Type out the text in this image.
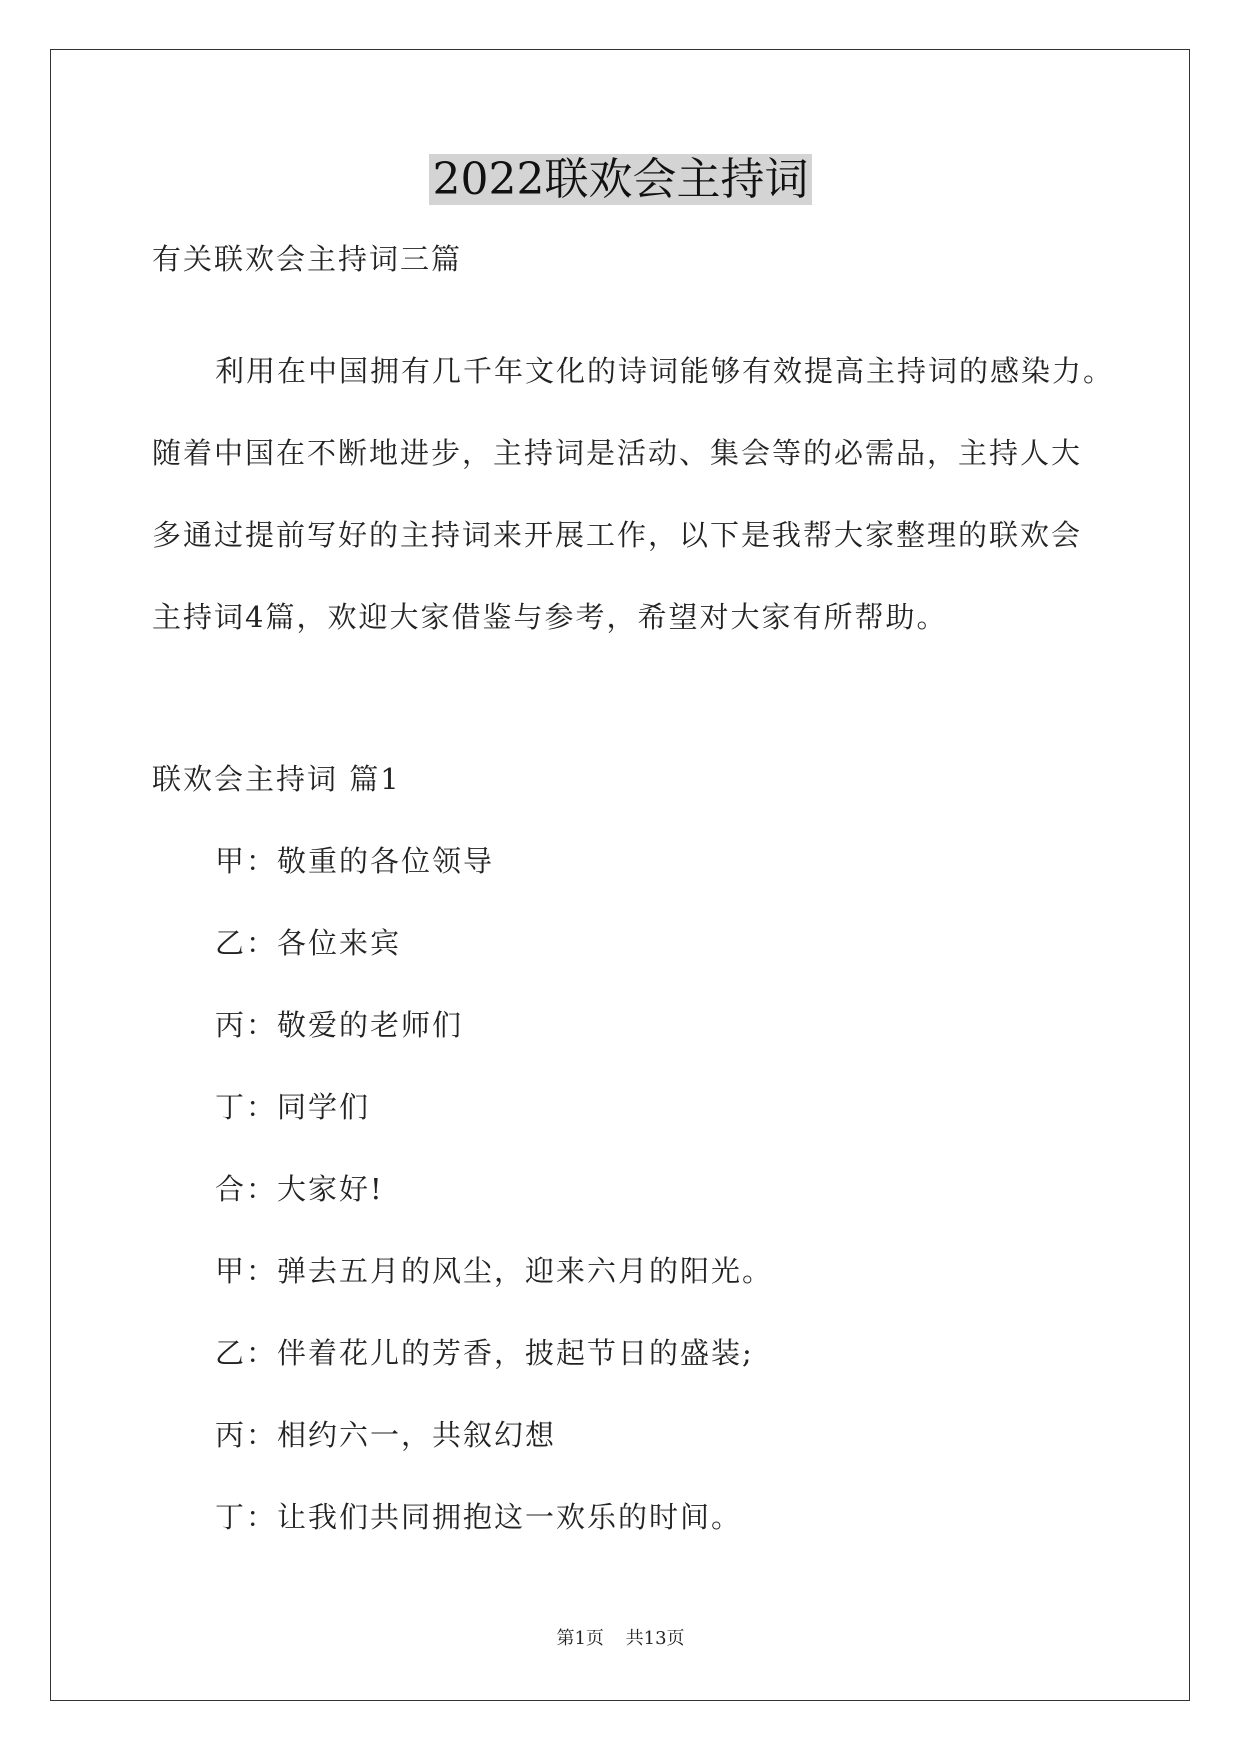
2022联欢会主持词
有关联欢会主持词三篇
利用在中国拥有几千年文化的诗词能够有效提高主持词的感染力。
随着中国在不断地进步，主持词是活动、集会等的必需品，主持人大
多通过提前写好的主持词来开展工作，以下是我帮大家整理的联欢会
主持词4篇，欢迎大家借鉴与参考，希望对大家有所帮助。
联欢会主持词 篇1
甲：敬重的各位领导
乙：各位来宾
丙：敬爱的老师们
丁：同学们
合：大家好!
甲：弹去五月的风尘，迎来六月的阳光。
乙：伴着花儿的芳香，披起节日的盛装;
丙：相约六一，共叙幻想
丁：让我们共同拥抱这一欢乐的时间。
第1页 共13页
